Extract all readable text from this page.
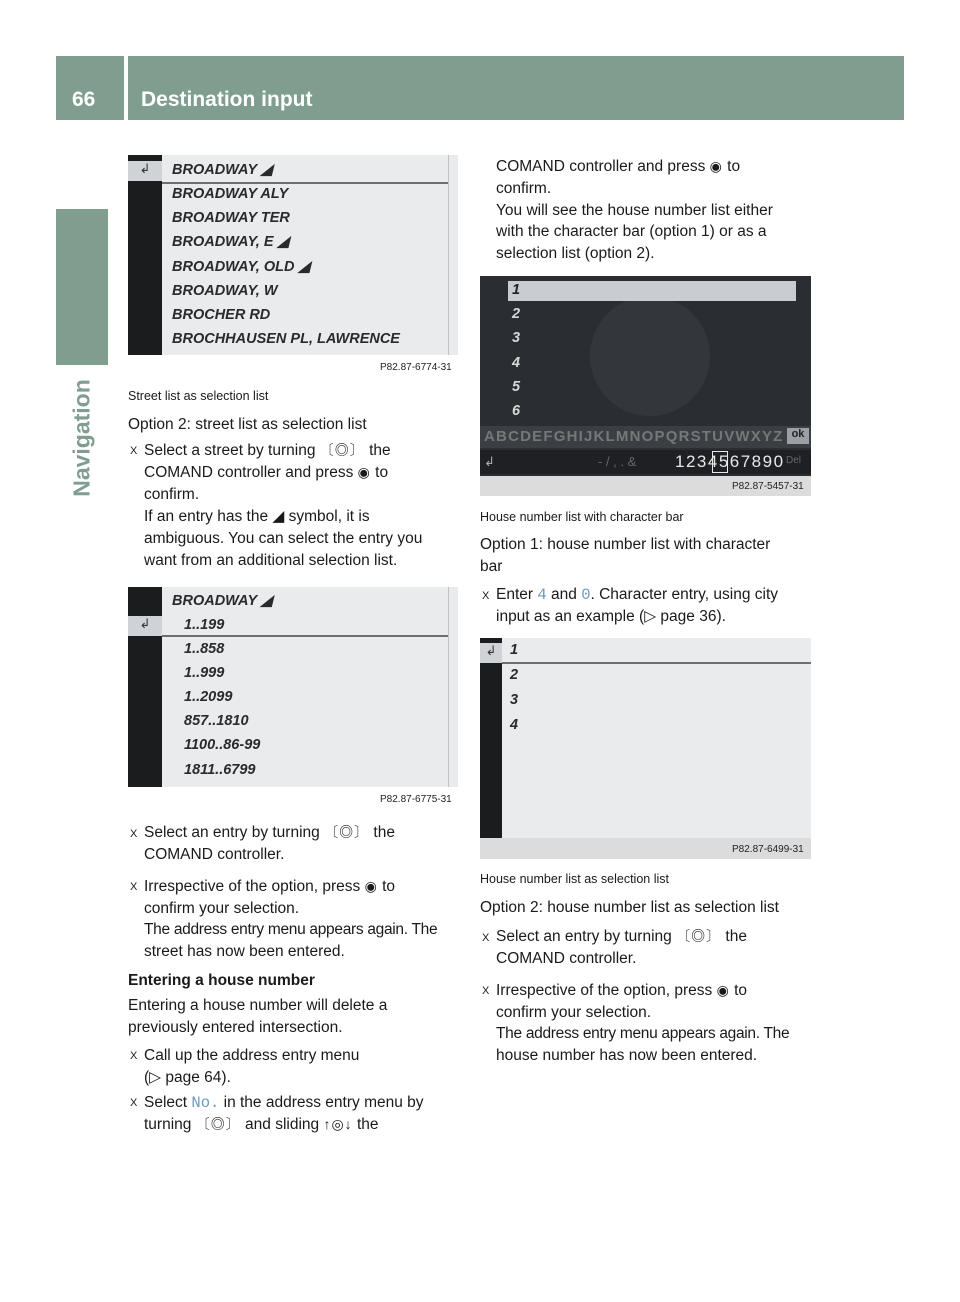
66 Destination input
Navigation
↲	BROADWAY ◢
BROADWAY ALY
BROADWAY TER
BROADWAY, E ◢
BROADWAY, OLD ◢
BROADWAY, W
BROCHER RD
BROCHHAUSEN PL, LAWRENCE
P82.87-6774-31
Street list as selection list
Option 2: street list as selection list
X Select a street by turning 〔◎〕 the
COMAND controller and press ◉ to
confirm.
If an entry has the ◢ symbol, it is
ambiguous. You can select the entry you
want from an additional selection list.
↲
BROADWAY ◢
1..199
1..858
1..999
1..2099
857..1810
1100..86-99
1811..6799
P82.87-6775-31
X Select an entry by turning 〔◎〕 the
COMAND controller.
X Irrespective of the option, press ◉ to
confirm your selection.
The address entry menu appears again. The
street has now been entered.
Entering a house number
Entering a house number will delete a
previously entered intersection.
X Call up the address entry menu
(▷ page 64).
X Select No. in the address entry menu by
turning 〔◎〕 and sliding ↑◎↓ the
COMAND controller and press ◉ to
confirm.
You will see the house number list either
with the character bar (option 1) or as a
selection list (option 2).
1
2
3
4
5
6
ABCDEFGHIJKLMNOPQRSTUVWXYZ ok
↲	- / , . & 1234567890 Del
P82.87-5457-31
House number list with character bar
Option 1: house number list with character
bar
X Enter 4 and 0. Character entry, using city
input as an example (▷ page 36).
↲ 1
2
3
4
P82.87-6499-31
House number list as selection list
Option 2: house number list as selection list
X Select an entry by turning 〔◎〕 the
COMAND controller.
X Irrespective of the option, press ◉ to
confirm your selection.
The address entry menu appears again. The
house number has now been entered.
